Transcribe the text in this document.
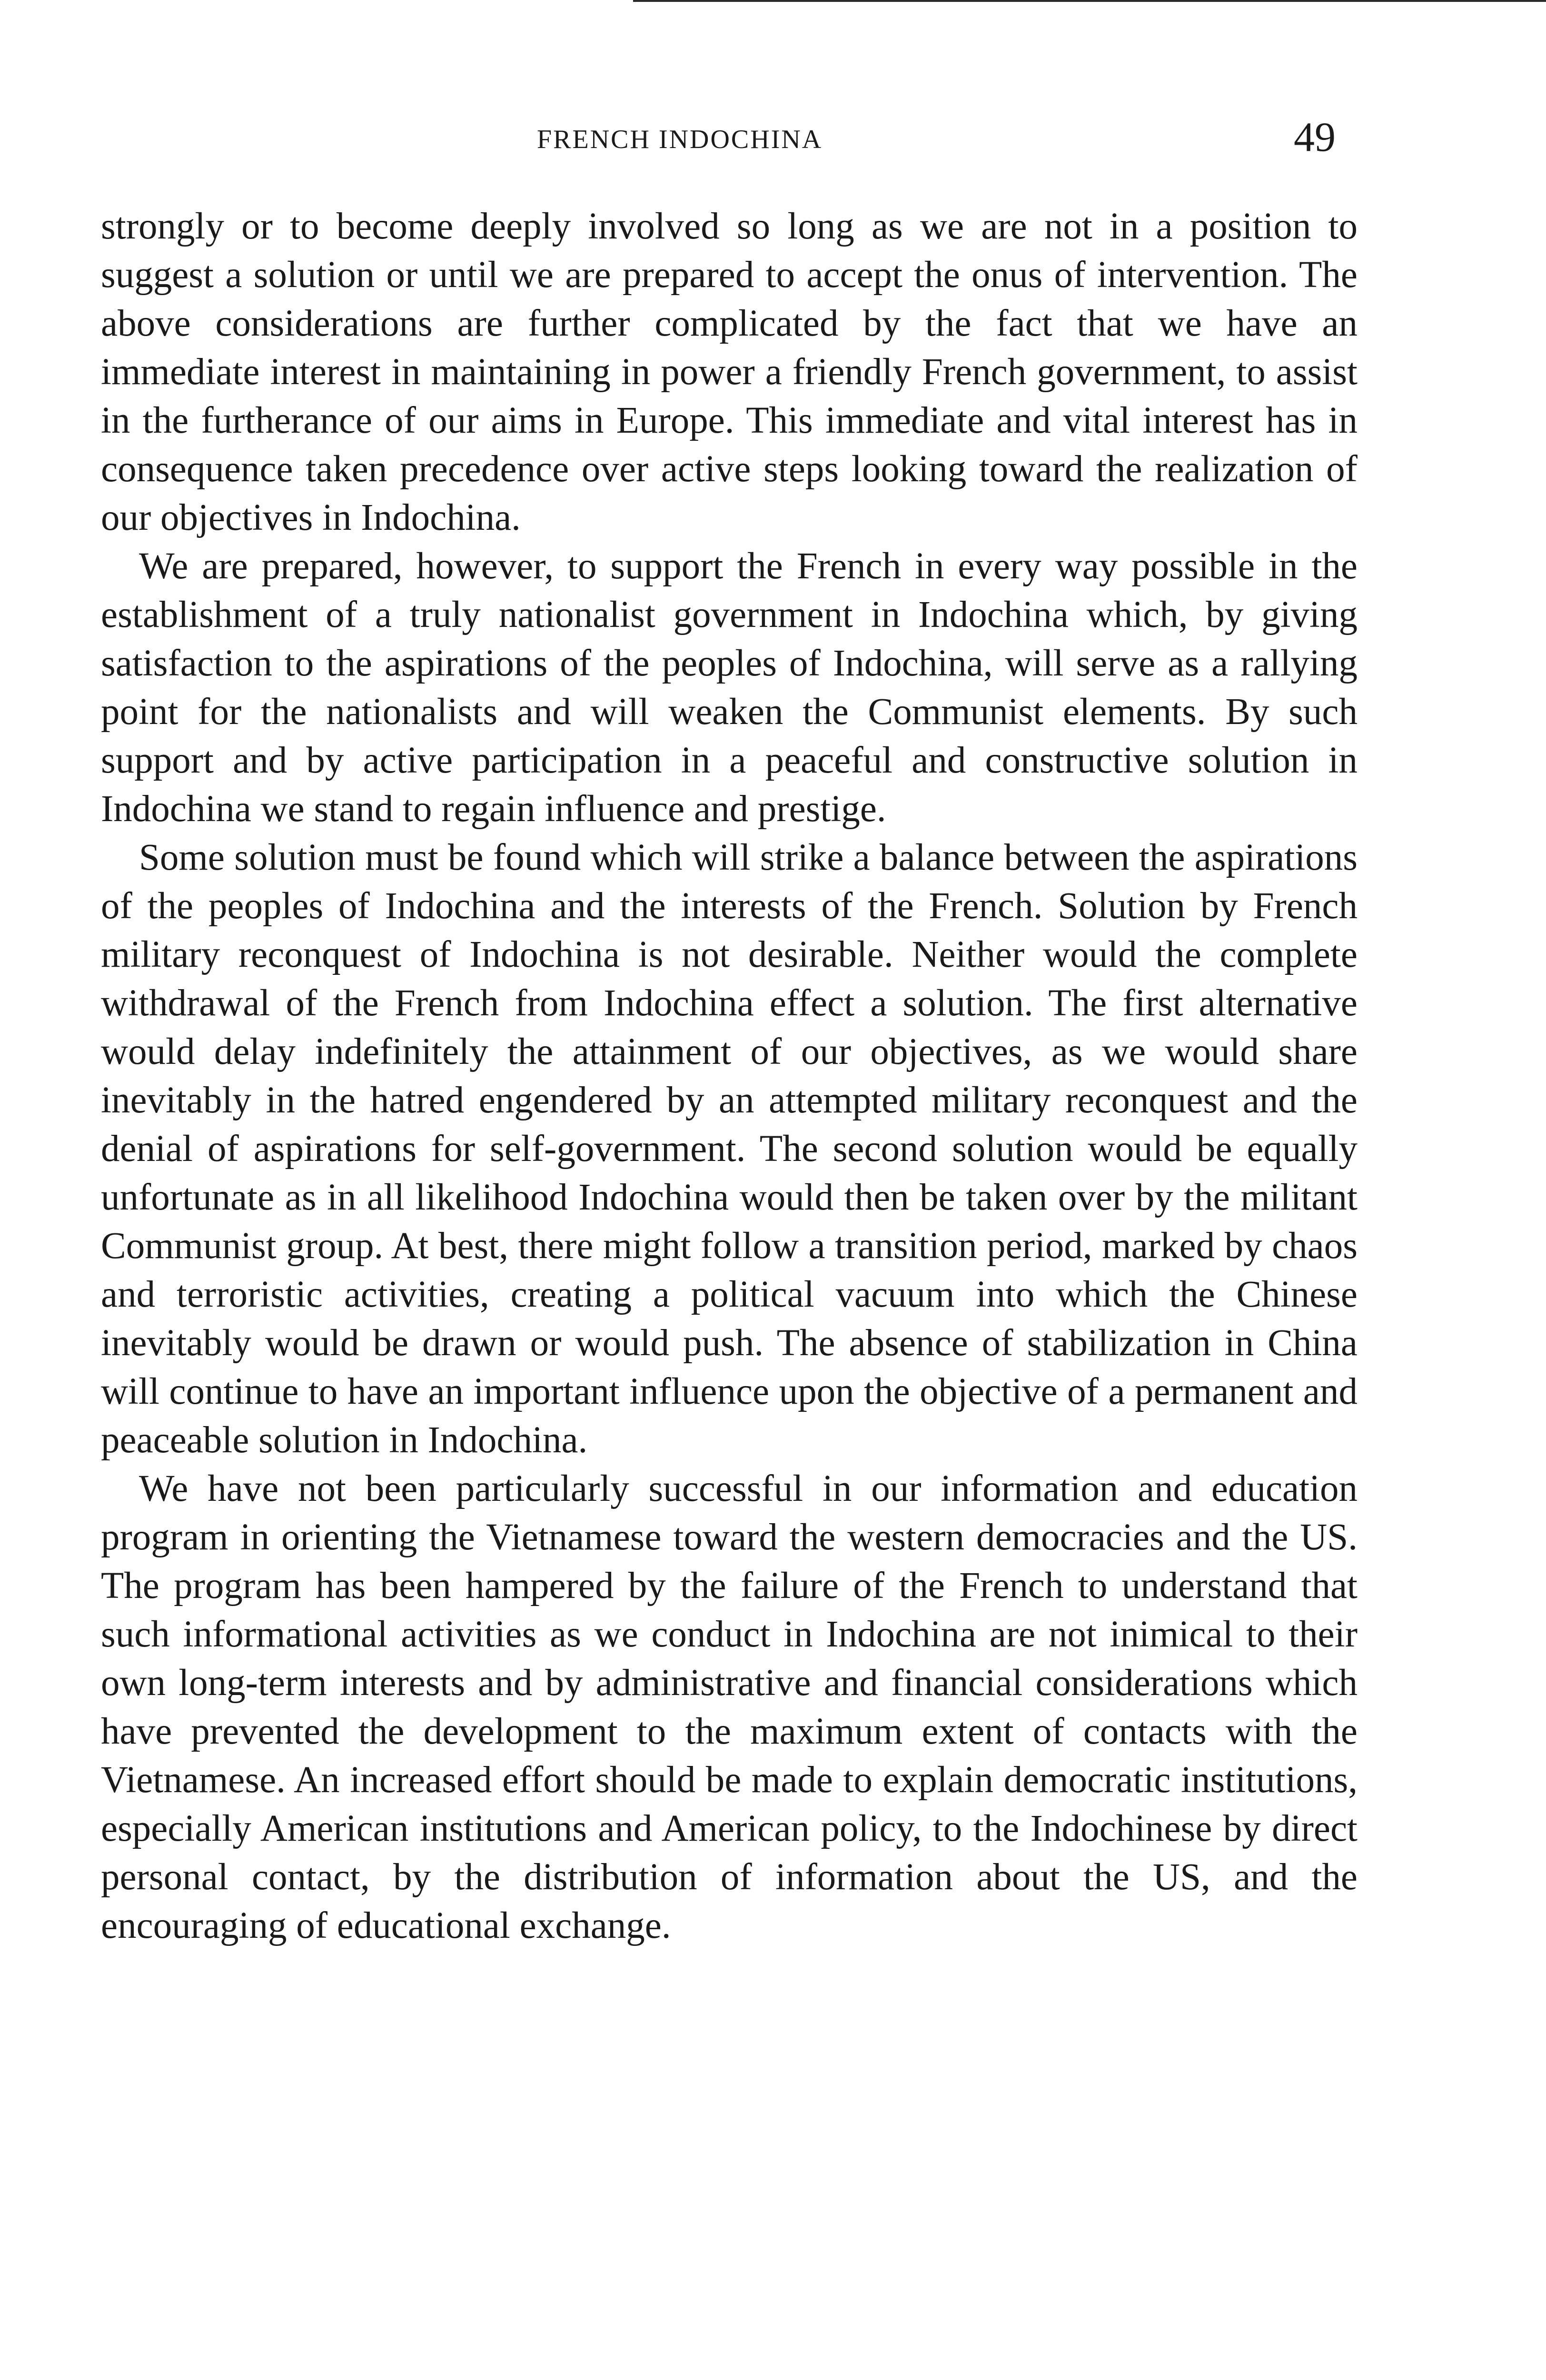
FRENCH INDOCHINA	49

strongly or to become deeply involved so long as we are not in a position to suggest a solution or until we are prepared to accept the onus of intervention. The above considerations are further complicated by the fact that we have an immediate interest in maintaining in power a friendly French government, to assist in the furtherance of our aims in Europe. This immediate and vital interest has in consequence taken precedence over active steps looking toward the realization of our objectives in Indochina.

We are prepared, however, to support the French in every way possible in the establishment of a truly nationalist government in Indochina which, by giving satisfaction to the aspirations of the peoples of Indochina, will serve as a rallying point for the nationalists and will weaken the Communist elements. By such support and by active participation in a peaceful and constructive solution in Indochina we stand to regain influence and prestige.

Some solution must be found which will strike a balance between the aspirations of the peoples of Indochina and the interests of the French. Solution by French military reconquest of Indochina is not desirable. Neither would the complete withdrawal of the French from Indochina effect a solution. The first alternative would delay indefinitely the attainment of our objectives, as we would share inevitably in the hatred engendered by an attempted military reconquest and the denial of aspirations for self-government. The second solution would be equally unfortunate as in all likelihood Indochina would then be taken over by the militant Communist group. At best, there might follow a transition period, marked by chaos and terroristic activities, creating a political vacuum into which the Chinese inevitably would be drawn or would push. The absence of stabilization in China will continue to have an important influence upon the objective of a permanent and peaceable solution in Indochina.

We have not been particularly successful in our information and education program in orienting the Vietnamese toward the western democracies and the US. The program has been hampered by the failure of the French to understand that such informational activities as we conduct in Indochina are not inimical to their own long-term interests and by administrative and financial considerations which have prevented the development to the maximum extent of contacts with the Vietnamese. An increased effort should be made to explain democratic institutions, especially American institutions and American policy, to the Indochinese by direct personal contact, by the distribution of information about the US, and the encouraging of educational exchange.
